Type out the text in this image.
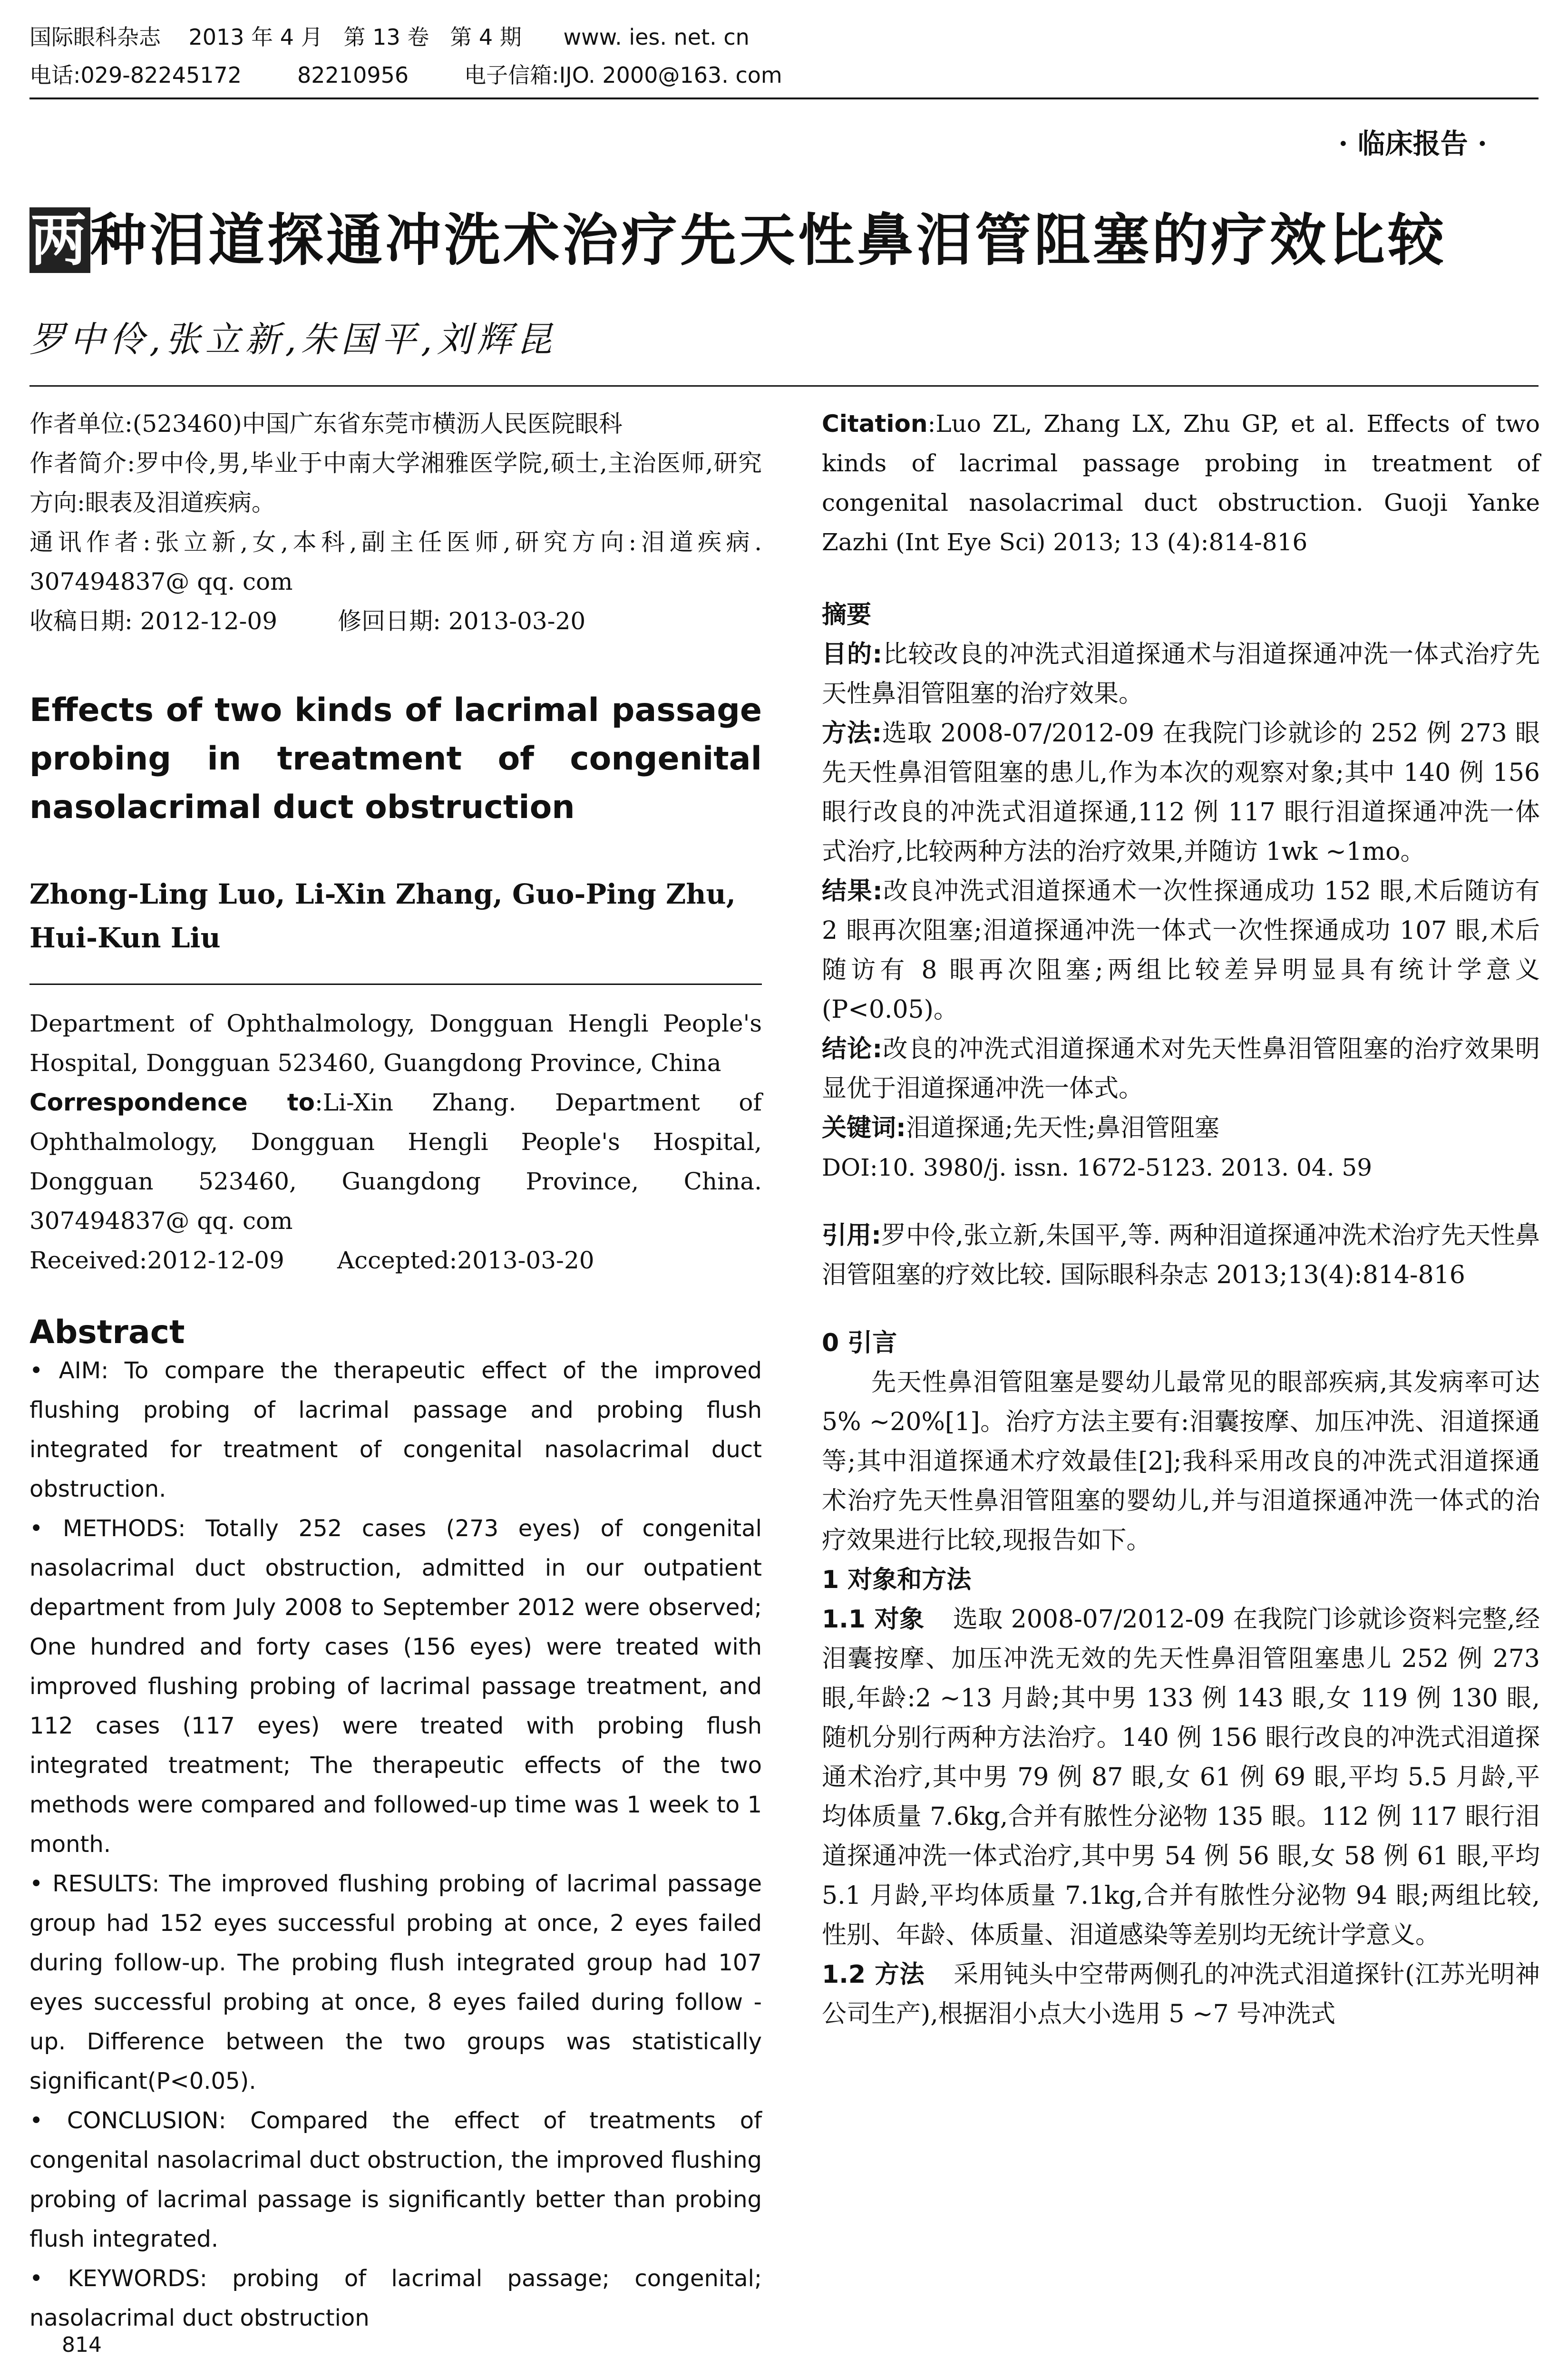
国际眼科杂志    2013 年 4 月   第 13 卷   第 4 期      www. ies. net. cn
电话:029-82245172        82210956        电子信箱:IJO. 2000@163. com
· 临床报告 ·
两种泪道探通冲洗术治疗先天性鼻泪管阻塞的疗效比较
罗中伶,张立新,朱国平,刘辉昆

作者单位:(523460)中国广东省东莞市横沥人民医院眼科

作者简介:罗中伶,男,毕业于中南大学湘雅医学院,硕士,主治医师,研究方向:眼表及泪道疾病。

通讯作者:张立新,女,本科,副主任医师,研究方向:泪道疾病. 307494837@ qq. com

收稿日期: 2012-12-09        修回日期: 2013-03-20

Effects of two kinds of lacrimal passage probing in treatment of congenital nasolacrimal duct obstruction

Zhong-Ling Luo, Li-Xin Zhang, Guo-Ping Zhu, Hui-Kun Liu

Department of Ophthalmology, Dongguan Hengli People's Hospital, Dongguan 523460, Guangdong Province, China

Correspondence to:Li-Xin Zhang. Department of Ophthalmology, Dongguan Hengli People's Hospital, Dongguan 523460, Guangdong Province, China. 307494837@ qq. com

Received:2012-12-09       Accepted:2013-03-20

Abstract

• AIM: To compare the therapeutic effect of the improved flushing probing of lacrimal passage and probing flush integrated for treatment of congenital nasolacrimal duct obstruction.

• METHODS: Totally 252 cases (273 eyes) of congenital nasolacrimal duct obstruction, admitted in our outpatient department from July 2008 to September 2012 were observed; One hundred and forty cases (156 eyes) were treated with improved flushing probing of lacrimal passage treatment, and 112 cases (117 eyes) were treated with probing flush integrated treatment; The therapeutic effects of the two methods were compared and followed-up time was 1 week to 1 month.

• RESULTS: The improved flushing probing of lacrimal passage group had 152 eyes successful probing at once, 2 eyes failed during follow-up. The probing flush integrated group had 107 eyes successful probing at once, 8 eyes failed during follow - up. Difference between the two groups was statistically significant(P<0.05).

• CONCLUSION: Compared the effect of treatments of congenital nasolacrimal duct obstruction, the improved flushing probing of lacrimal passage is significantly better than probing flush integrated.

• KEYWORDS: probing of lacrimal passage; congenital; nasolacrimal duct obstruction

Citation:Luo ZL, Zhang LX, Zhu GP, et al. Effects of two kinds of lacrimal passage probing in treatment of congenital nasolacrimal duct obstruction. Guoji Yanke Zazhi (Int Eye Sci) 2013; 13 (4):814-816

摘要

目的:比较改良的冲洗式泪道探通术与泪道探通冲洗一体式治疗先天性鼻泪管阻塞的治疗效果。

方法:选取 2008-07/2012-09 在我院门诊就诊的 252 例 273 眼先天性鼻泪管阻塞的患儿,作为本次的观察对象;其中 140 例 156 眼行改良的冲洗式泪道探通,112 例 117 眼行泪道探通冲洗一体式治疗,比较两种方法的治疗效果,并随访 1wk ~1mo。

结果:改良冲洗式泪道探通术一次性探通成功 152 眼,术后随访有 2 眼再次阻塞;泪道探通冲洗一体式一次性探通成功 107 眼,术后随访有 8 眼再次阻塞;两组比较差异明显具有统计学意义(P<0.05)。

结论:改良的冲洗式泪道探通术对先天性鼻泪管阻塞的治疗效果明显优于泪道探通冲洗一体式。

关键词:泪道探通;先天性;鼻泪管阻塞

DOI:10. 3980/j. issn. 1672-5123. 2013. 04. 59

引用:罗中伶,张立新,朱国平,等. 两种泪道探通冲洗术治疗先天性鼻泪管阻塞的疗效比较. 国际眼科杂志 2013;13(4):814-816

0 引言

先天性鼻泪管阻塞是婴幼儿最常见的眼部疾病,其发病率可达 5% ~20%[1]。治疗方法主要有:泪囊按摩、加压冲洗、泪道探通等;其中泪道探通术疗效最佳[2];我科采用改良的冲洗式泪道探通术治疗先天性鼻泪管阻塞的婴幼儿,并与泪道探通冲洗一体式的治疗效果进行比较,现报告如下。

1 对象和方法

1.1 对象 选取 2008-07/2012-09 在我院门诊就诊资料完整,经泪囊按摩、加压冲洗无效的先天性鼻泪管阻塞患儿 252 例 273 眼,年龄:2 ~13 月龄;其中男 133 例 143 眼,女 119 例 130 眼,随机分别行两种方法治疗。140 例 156 眼行改良的冲洗式泪道探通术治疗,其中男 79 例 87 眼,女 61 例 69 眼,平均 5.5 月龄,平均体质量 7.6kg,合并有脓性分泌物 135 眼。112 例 117 眼行泪道探通冲洗一体式治疗,其中男 54 例 56 眼,女 58 例 61 眼,平均 5.1 月龄,平均体质量 7.1kg,合并有脓性分泌物 94 眼;两组比较,性别、年龄、体质量、泪道感染等差别均无统计学意义。

1.2 方法 采用钝头中空带两侧孔的冲洗式泪道探针(江苏光明神公司生产),根据泪小点大小选用 5 ~7 号冲洗式

814
